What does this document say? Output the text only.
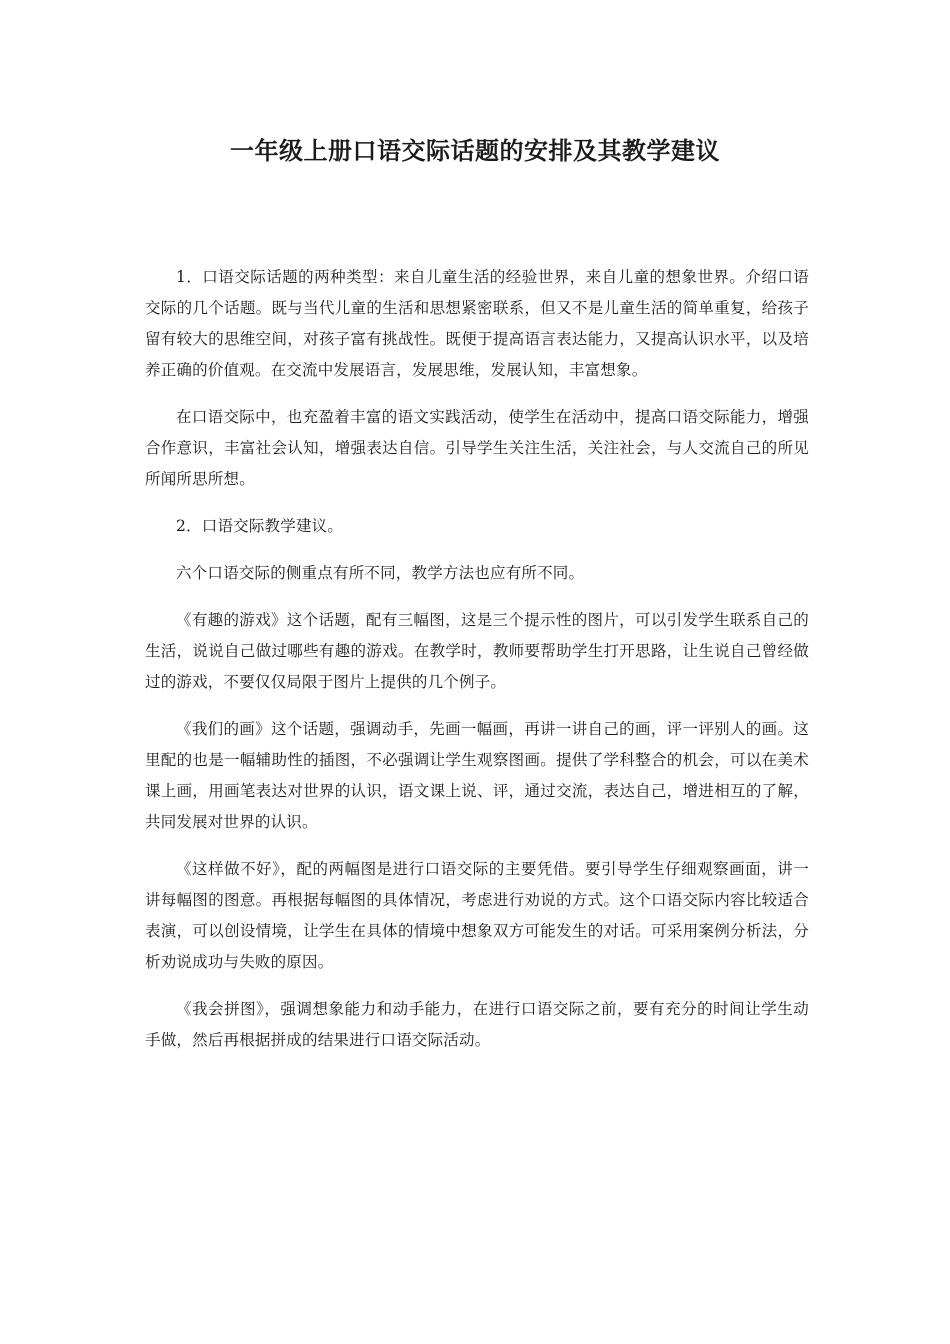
一年级上册口语交际话题的安排及其教学建议

1．口语交际话题的两种类型：来自儿童生活的经验世界，来自儿童的想象世界。介绍口语交际的几个话题。既与当代儿童的生活和思想紧密联系，但又不是儿童生活的简单重复，给孩子留有较大的思维空间，对孩子富有挑战性。既便于提高语言表达能力，又提高认识水平，以及培养正确的价值观。在交流中发展语言，发展思维，发展认知，丰富想象。

在口语交际中，也充盈着丰富的语文实践活动，使学生在活动中，提高口语交际能力，增强合作意识，丰富社会认知，增强表达自信。引导学生关注生活，关注社会，与人交流自己的所见所闻所思所想。

2．口语交际教学建议。

六个口语交际的侧重点有所不同，教学方法也应有所不同。

《有趣的游戏》这个话题，配有三幅图，这是三个提示性的图片，可以引发学生联系自己的生活，说说自己做过哪些有趣的游戏。在教学时，教师要帮助学生打开思路，让生说自己曾经做过的游戏，不要仅仅局限于图片上提供的几个例子。

《我们的画》这个话题，强调动手，先画一幅画，再讲一讲自己的画，评一评别人的画。这里配的也是一幅辅助性的插图，不必强调让学生观察图画。提供了学科整合的机会，可以在美术课上画，用画笔表达对世界的认识，语文课上说、评，通过交流，表达自己，增进相互的了解，共同发展对世界的认识。

《这样做不好》，配的两幅图是进行口语交际的主要凭借。要引导学生仔细观察画面，讲一讲每幅图的图意。再根据每幅图的具体情况，考虑进行劝说的方式。这个口语交际内容比较适合表演，可以创设情境，让学生在具体的情境中想象双方可能发生的对话。可采用案例分析法，分析劝说成功与失败的原因。

《我会拼图》，强调想象能力和动手能力，在进行口语交际之前，要有充分的时间让学生动手做，然后再根据拼成的结果进行口语交际活动。
